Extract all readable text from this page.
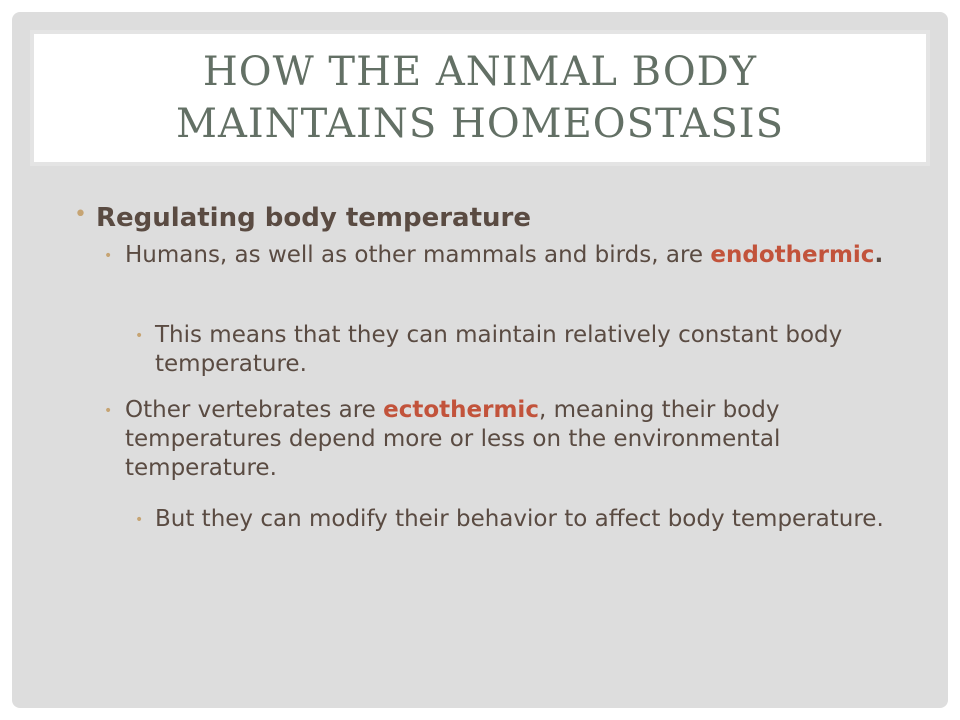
HOW THE ANIMAL BODY
MAINTAINS HOMEOSTASIS
• Regulating body temperature
• Humans, as well as other mammals and birds, are endothermic.
• This means that they can maintain relatively constant body temperature.
• Other vertebrates are ectothermic, meaning their body temperatures depend more or less on the environmental temperature.
• But they can modify their behavior to affect body temperature.
